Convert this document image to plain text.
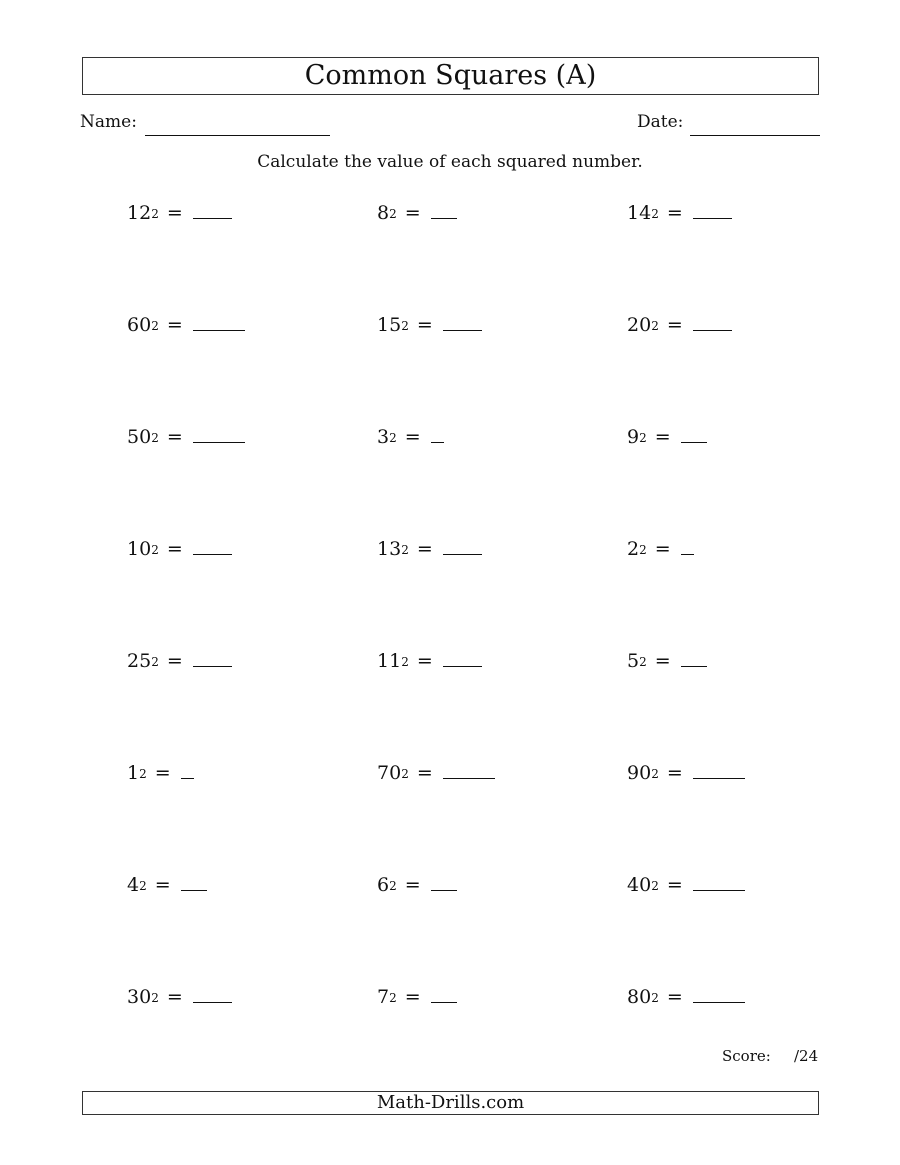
Common Squares (A)
Name:	Date:
Calculate the value of each squared number.
$12^2$ =	$8^2$ =	$14^2$ =
$60^2$ =	$15^2$ =	$20^2$ =
$50^2$ =	$3^2$ =	$9^2$ =
$10^2$ =	$13^2$ =	$2^2$ =
$25^2$ =	$11^2$ =	$5^2$ =
$1^2$ =	$70^2$ =	$90^2$ =
$4^2$ =	$6^2$ =	$40^2$ =
$30^2$ =	$7^2$ =	$80^2$ =
Score: /24
Math-Drills.com
